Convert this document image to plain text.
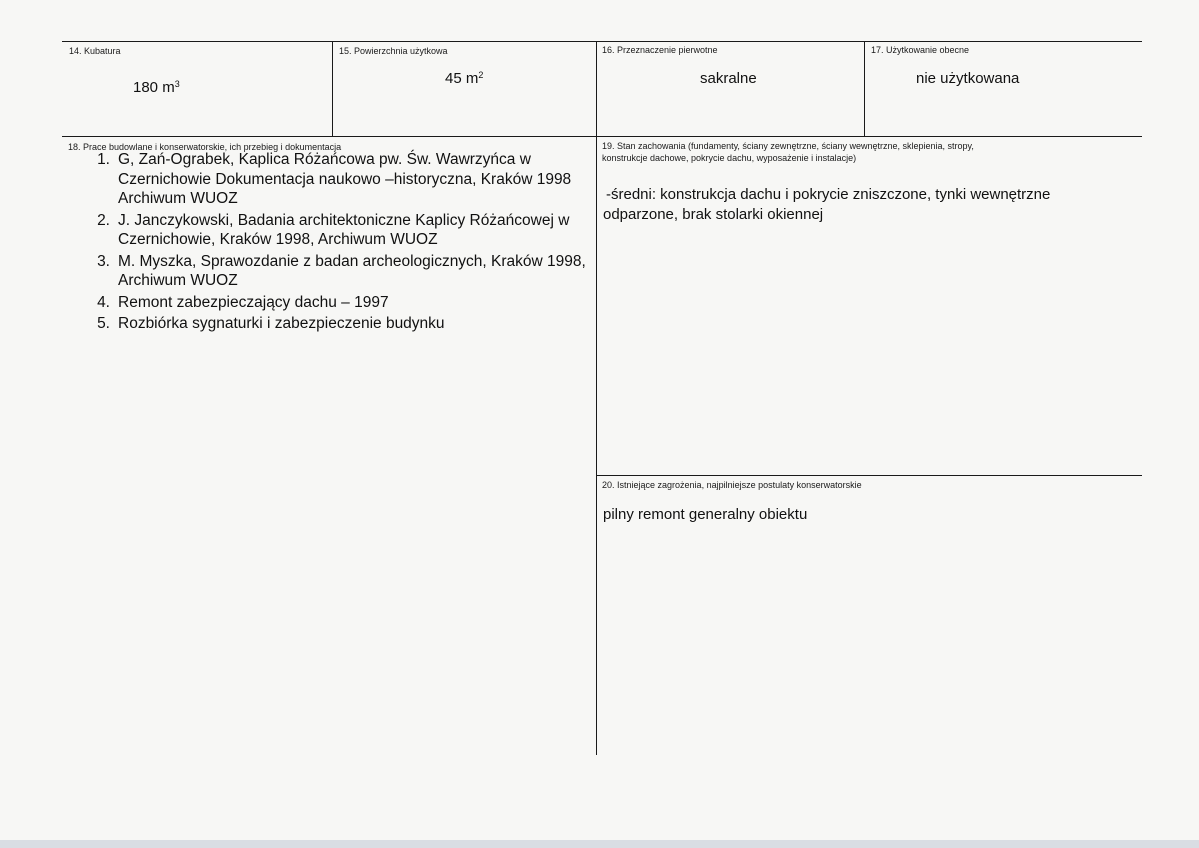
14. Kubatura
180 $m^3$
15. Powierzchnia użytkowa
45 $m^2$
16. Przeznaczenie pierwotne
sakralne
17. Użytkowanie obecne
nie użytkowana
18. Prace budowlane i konserwatorskie, ich przebieg i dokumentacja
1. G, Zań-Ograbek, Kaplica Różańcowa pw. Św. Wawrzyńca w Czernichowie Dokumentacja naukowo –historyczna, Kraków 1998 Archiwum WUOZ
2. J. Janczykowski, Badania architektoniczne Kaplicy Różańcowej w Czernichowie, Kraków 1998, Archiwum WUOZ
3. M. Myszka, Sprawozdanie z badan archeologicznych, Kraków 1998, Archiwum WUOZ
4. Remont zabezpieczający dachu – 1997
5. Rozbiórka sygnaturki i zabezpieczenie budynku
19. Stan zachowania (fundamenty, ściany zewnętrzne, ściany wewnętrzne, sklepienia, stropy,
konstrukcje dachowe, pokrycie dachu, wyposażenie i instalacje)
-średni: konstrukcja dachu i pokrycie zniszczone, tynki wewnętrzne odparzone, brak stolarki okiennej
20. Istniejące zagrożenia, najpilniejsze postulaty konserwatorskie
pilny remont generalny obiektu
